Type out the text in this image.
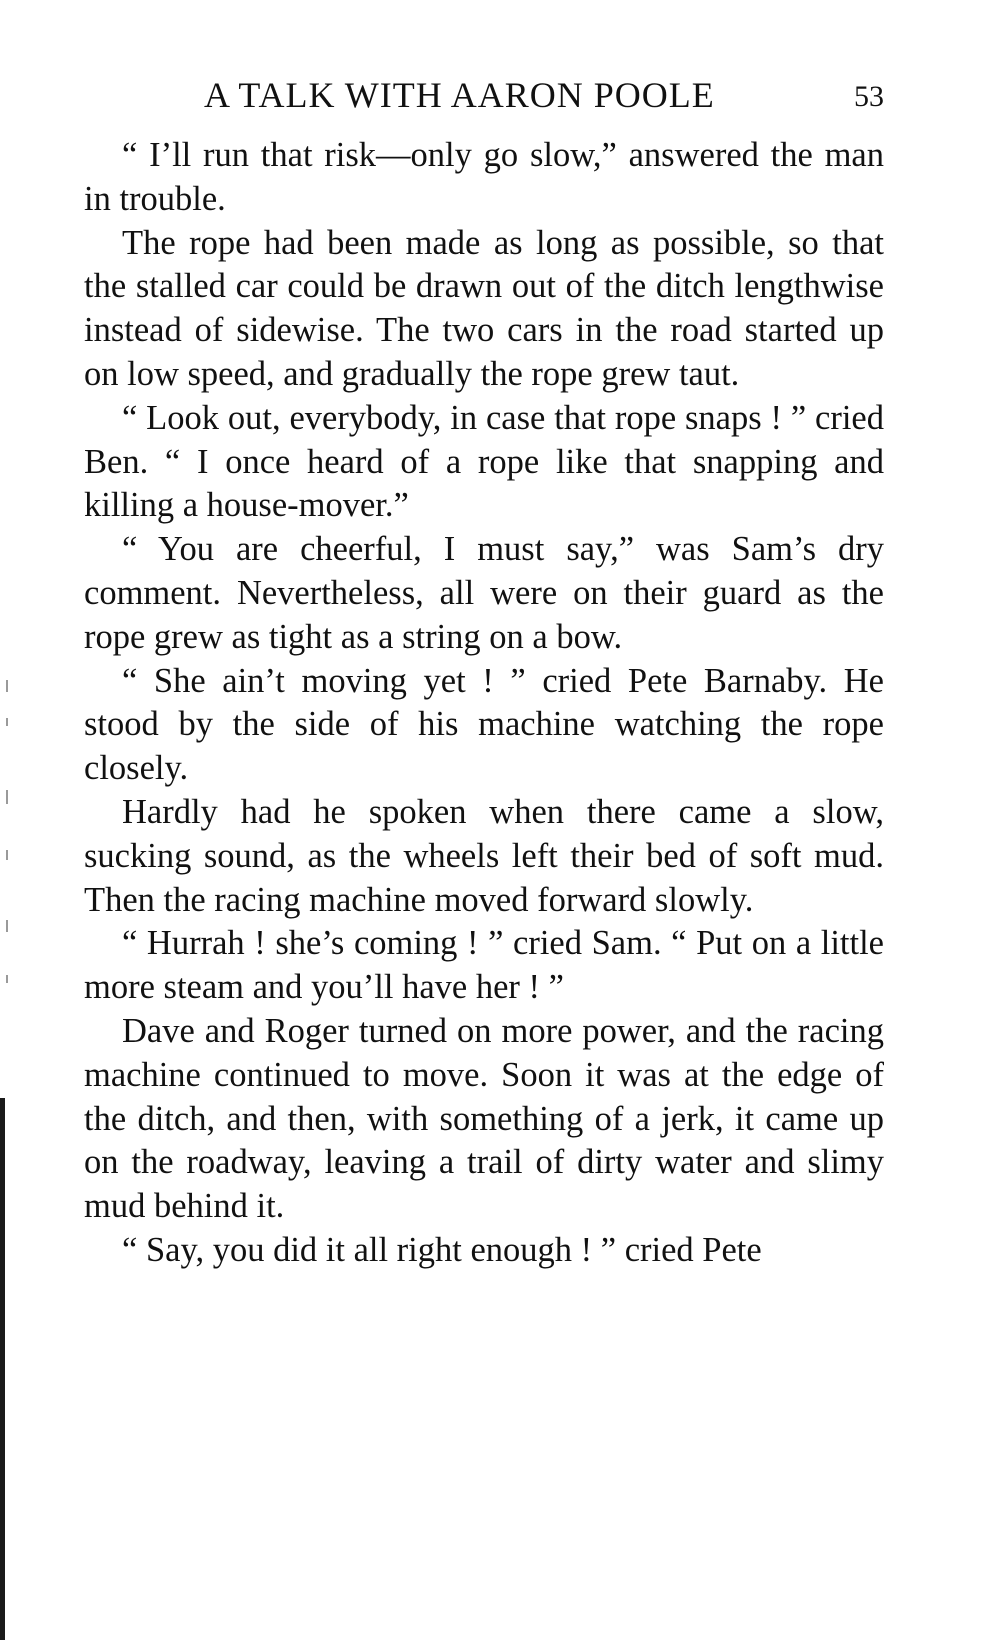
A TALK WITH AARON POOLE	53

“ I’ll run that risk—only go slow,” answered the man in trouble.

The rope had been made as long as possible, so that the stalled car could be drawn out of the ditch lengthwise instead of sidewise. The two cars in the road started up on low speed, and gradually the rope grew taut.

“ Look out, everybody, in case that rope snaps ! ” cried Ben. “ I once heard of a rope like that snapping and killing a house-mover.”

“ You are cheerful, I must say,” was Sam’s dry comment. Nevertheless, all were on their guard as the rope grew as tight as a string on a bow.

“ She ain’t moving yet ! ” cried Pete Barnaby. He stood by the side of his machine watching the rope closely.

Hardly had he spoken when there came a slow, sucking sound, as the wheels left their bed of soft mud. Then the racing machine moved forward slowly.

“ Hurrah ! she’s coming ! ” cried Sam. “ Put on a little more steam and you’ll have her ! ”

Dave and Roger turned on more power, and the racing machine continued to move. Soon it was at the edge of the ditch, and then, with something of a jerk, it came up on the roadway, leaving a trail of dirty water and slimy mud behind it.

“ Say, you did it all right enough ! ” cried Pete
